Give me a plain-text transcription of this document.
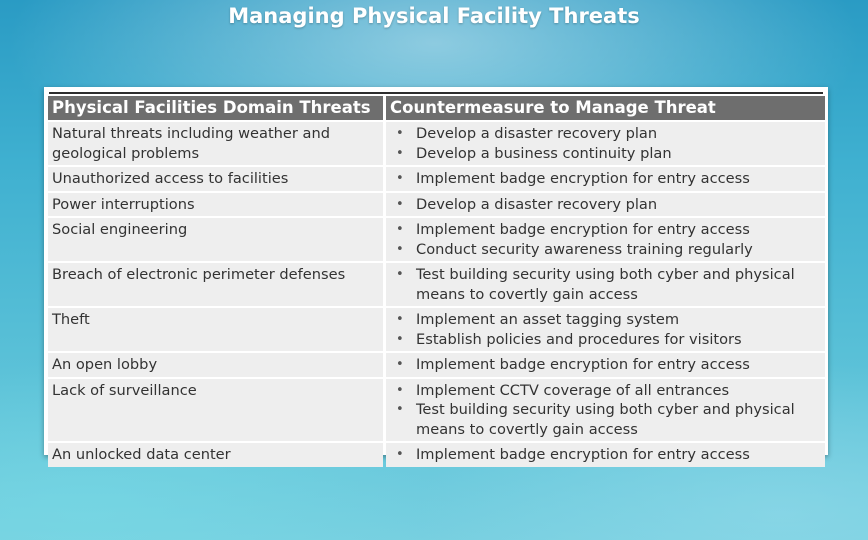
Managing Physical Facility Threats
Physical Facilities Domain Threats	Countermeasure to Manage Threat
Natural threats including weather and geological problems
• Develop a disaster recovery plan
• Develop a business continuity plan
Unauthorized access to facilities	• Implement badge encryption for entry access
Power interruptions	• Develop a disaster recovery plan
Social engineering	• Implement badge encryption for entry access
• Conduct security awareness training regularly
Breach of electronic perimeter defenses	• Test building security using both cyber and physical means to covertly gain access
Theft	• Implement an asset tagging system
• Establish policies and procedures for visitors
An open lobby	• Implement badge encryption for entry access
Lack of surveillance	• Implement CCTV coverage of all entrances
• Test building security using both cyber and physical means to covertly gain access
An unlocked data center	• Implement badge encryption for entry access
